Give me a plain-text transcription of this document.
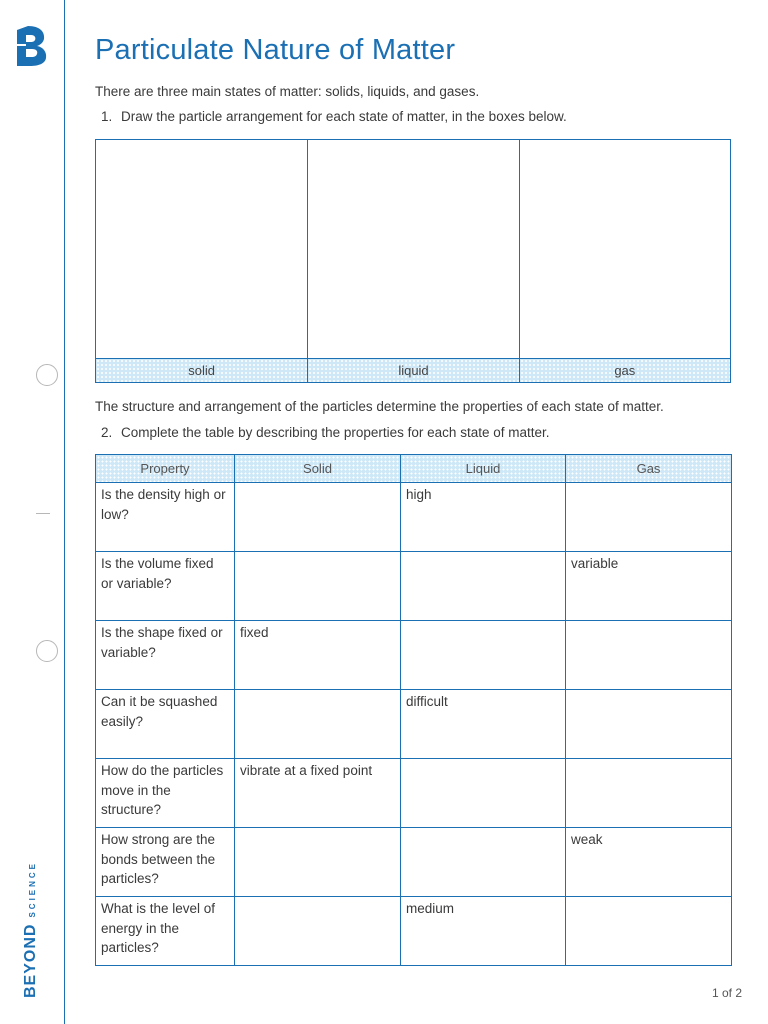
BEYOND
SCIENCE
Particulate Nature of Matter

There are three main states of matter: solids, liquids, and gases.

1. Draw the particle arrangement for each state of matter, in the boxes below.

solid	liquid	gas

The structure and arrangement of the particles determine the properties of each state of matter.

2. Complete the table by describing the properties for each state of matter.

Property	Solid	Liquid	Gas
Is the density high or low?		high	
Is the volume fixed or variable?			variable
Is the shape fixed or variable?	fixed		
Can it be squashed easily?		difficult	
How do the particles move in the structure?	vibrate at a fixed point		
How strong are the bonds between the particles?			weak
What is the level of energy in the particles?		medium	
1 of 2
